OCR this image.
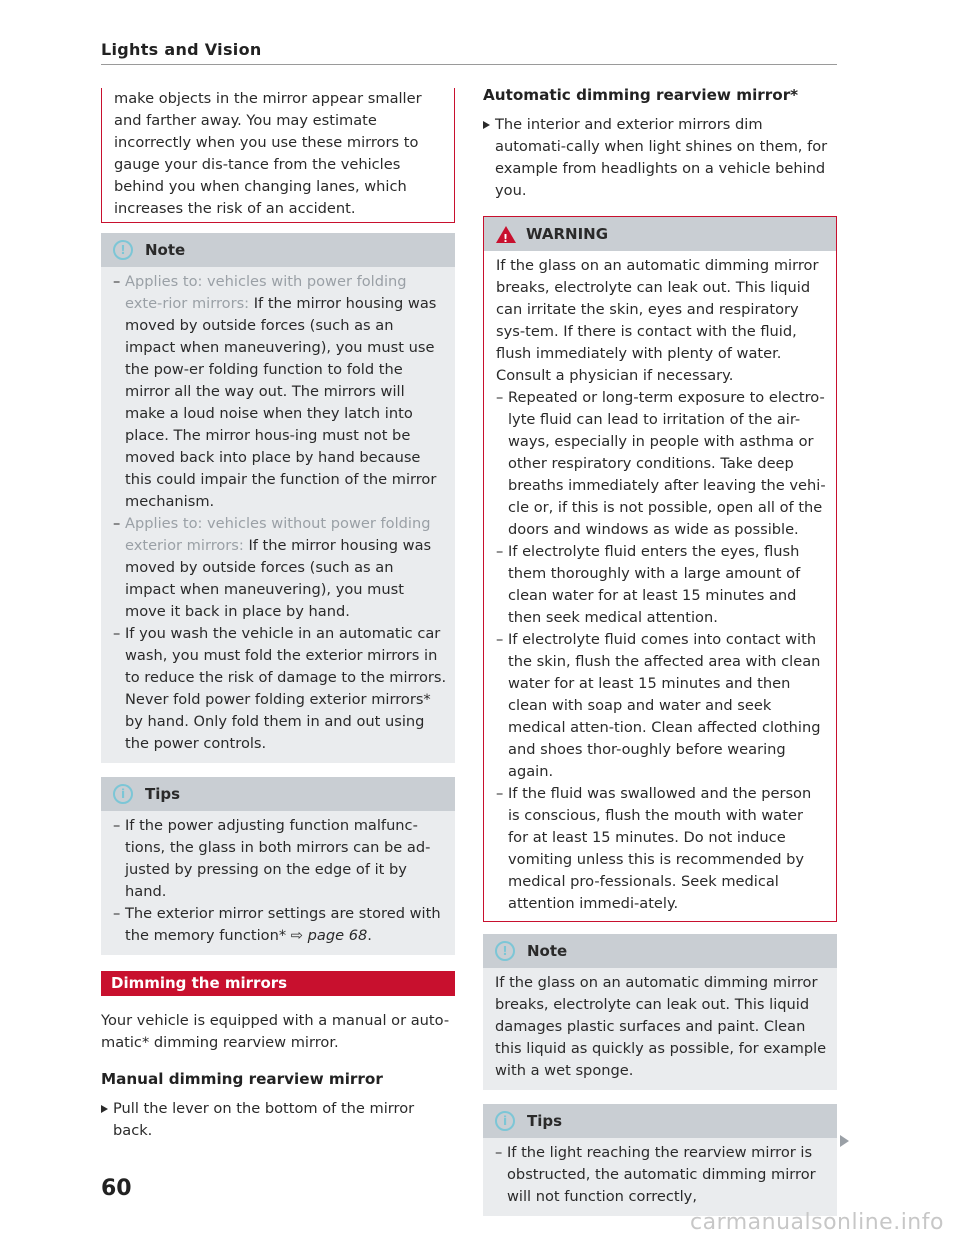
Lights and Vision

make objects in the mirror appear smaller and farther away. You may estimate incorrectly when you use these mirrors to gauge your dis-tance from the vehicles behind you when changing lanes, which increases the risk of an accident.

!	Note

– Applies to: vehicles with power folding exte-rior mirrors: If the mirror housing was moved by outside forces (such as an impact when maneuvering), you must use the pow-er folding function to fold the mirror all the way out. The mirrors will make a loud noise when they latch into place. The mirror hous-ing must not be moved back into place by hand because this could impair the function of the mirror mechanism.

– Applies to: vehicles without power folding exterior mirrors: If the mirror housing was moved by outside forces (such as an impact when maneuvering), you must move it back in place by hand.

– If you wash the vehicle in an automatic car wash, you must fold the exterior mirrors in to reduce the risk of damage to the mirrors. Never fold power folding exterior mirrors* by hand. Only fold them in and out using the power controls.

i	Tips

– If the power adjusting function malfunc-tions, the glass in both mirrors can be ad-justed by pressing on the edge of it by hand.

– The exterior mirror settings are stored with the memory function* ⇨ page 68.

Dimming the mirrors

Your vehicle is equipped with a manual or auto-matic* dimming rearview mirror.

Manual dimming rearview mirror

Pull the lever on the bottom of the mirror back.

Automatic dimming rearview mirror*

The interior and exterior mirrors dim automati-cally when light shines on them, for example from headlights on a vehicle behind you.

!
WARNING

If the glass on an automatic dimming mirror breaks, electrolyte can leak out. This liquid can irritate the skin, eyes and respiratory sys-tem. If there is contact with the fluid, flush immediately with plenty of water. Consult a physician if necessary.

– Repeated or long-term exposure to electro-lyte fluid can lead to irritation of the air-ways, especially in people with asthma or other respiratory conditions. Take deep breaths immediately after leaving the vehi-cle or, if this is not possible, open all of the doors and windows as wide as possible.

– If electrolyte fluid enters the eyes, flush them thoroughly with a large amount of clean water for at least 15 minutes and then seek medical attention.

– If electrolyte fluid comes into contact with the skin, flush the affected area with clean water for at least 15 minutes and then clean with soap and water and seek medical atten-tion. Clean affected clothing and shoes thor-oughly before wearing again.

– If the fluid was swallowed and the person is conscious, flush the mouth with water for at least 15 minutes. Do not induce vomiting unless this is recommended by medical pro-fessionals. Seek medical attention immedi-ately.

!	Note

If the glass on an automatic dimming mirror breaks, electrolyte can leak out. This liquid damages plastic surfaces and paint. Clean this liquid as quickly as possible, for example with a wet sponge.

i	Tips

– If the light reaching the rearview mirror is obstructed, the automatic dimming mirror will not function correctly,

60
carmanualsonline.info
